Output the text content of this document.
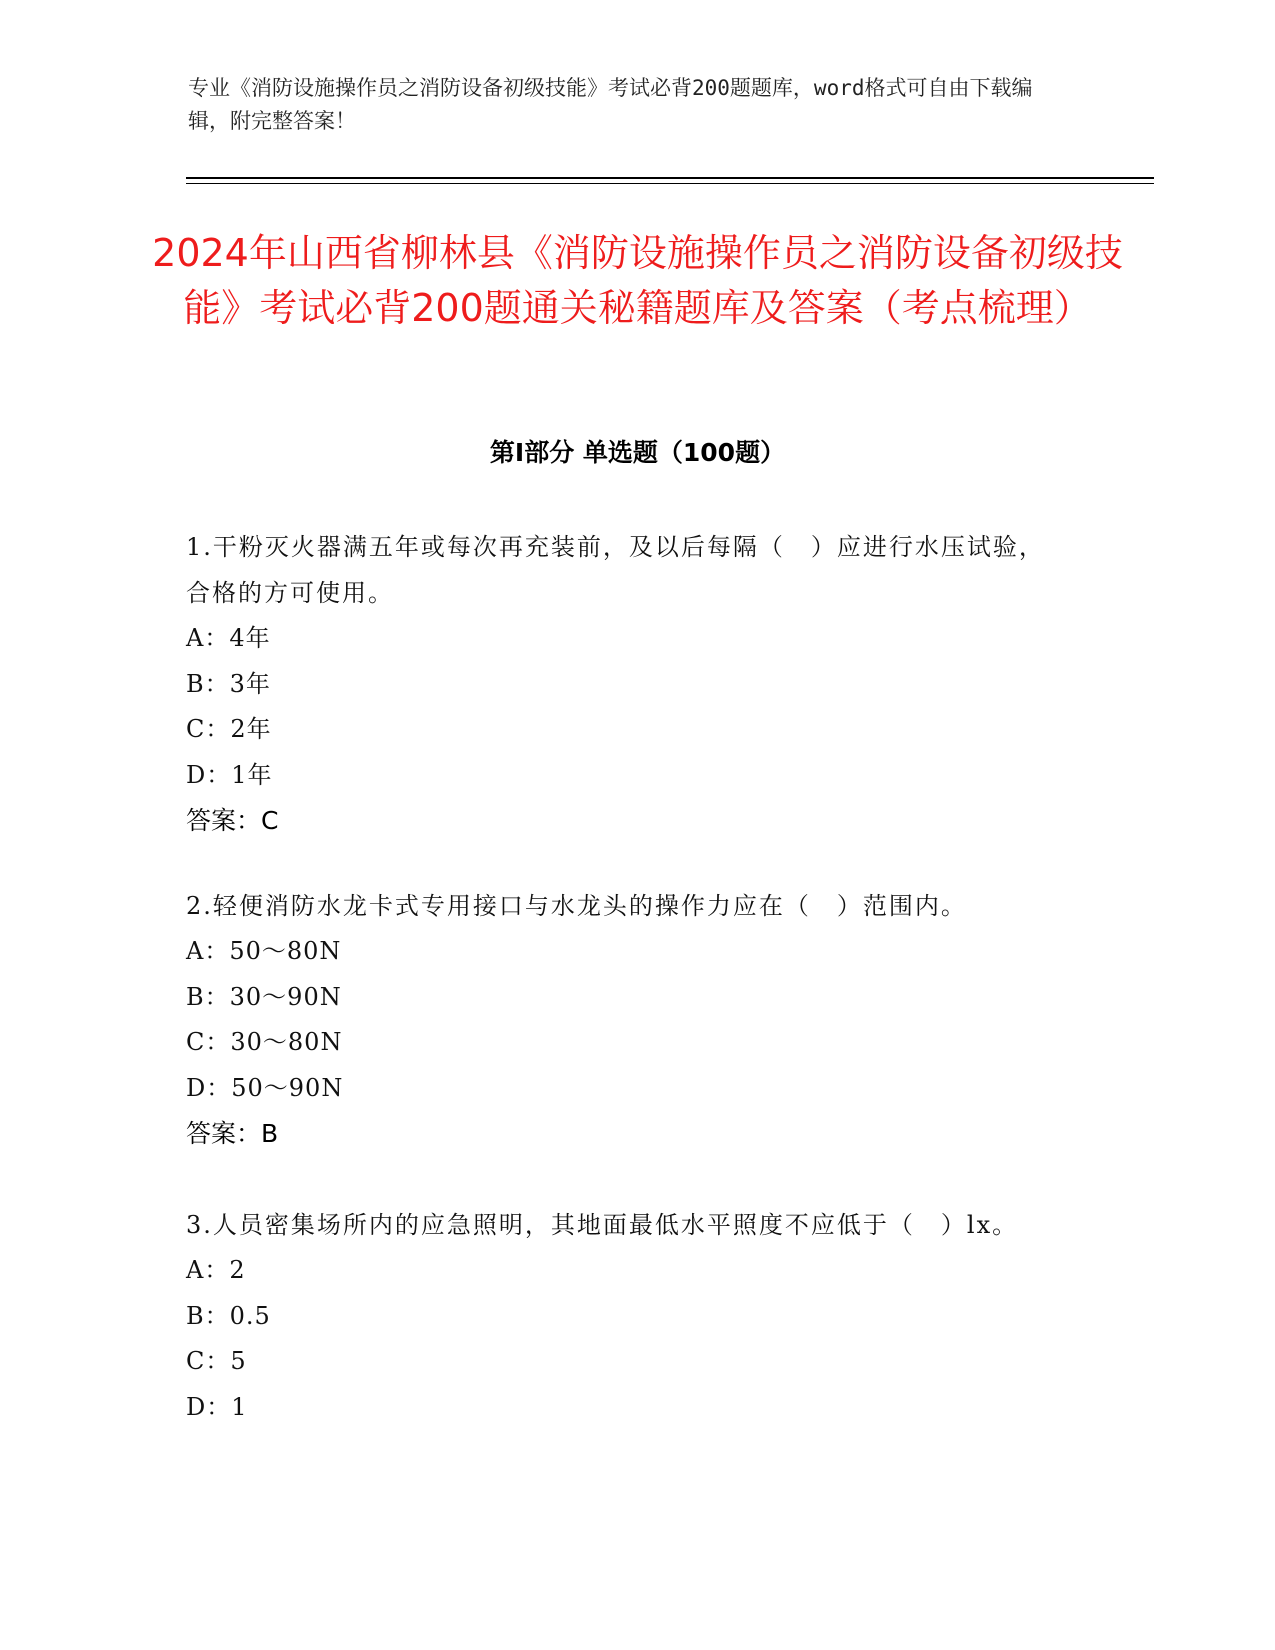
专业《消防设施操作员之消防设备初级技能》考试必背200题题库，word格式可自由下载编辑，附完整答案！
2024年山西省柳林县《消防设施操作员之消防设备初级技能》考试必背200题通关秘籍题库及答案（考点梳理）
第I部分 单选题（100题）

1.干粉灭火器满五年或每次再充装前，及以后每隔（　）应进行水压试验，合格的方可使用。

A：4年

B：3年

C：2年

D：1年

答案：C

2.轻便消防水龙卡式专用接口与水龙头的操作力应在（　）范围内。

A：50～80N

B：30～90N

C：30～80N

D：50～90N

答案：B

3.人员密集场所内的应急照明，其地面最低水平照度不应低于（　）lx。

A：2

B：0.5

C：5

D：1
